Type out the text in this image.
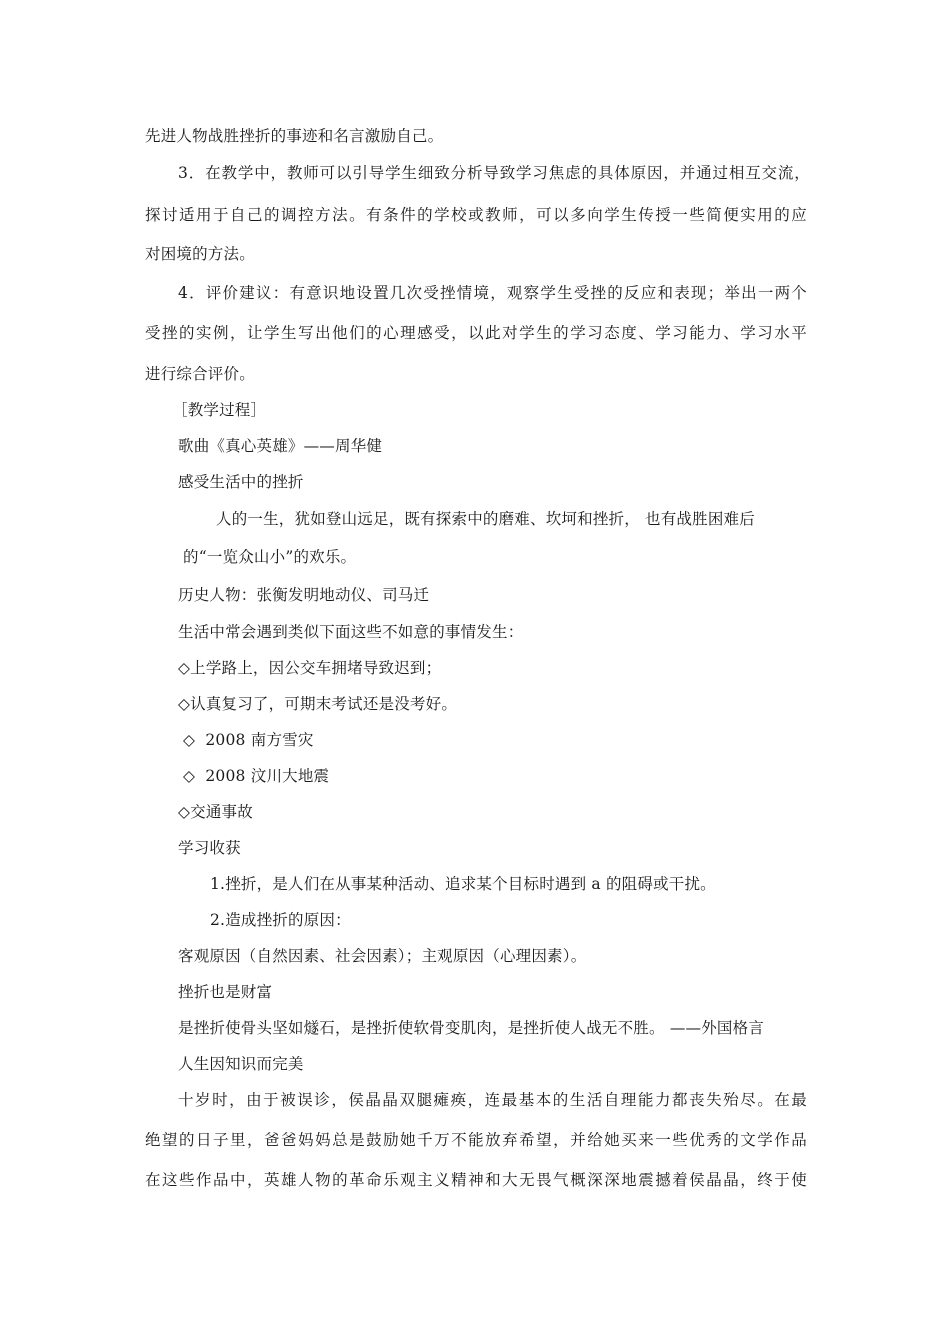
先进人物战胜挫折的事迹和名言激励自己。
3．在教学中，教师可以引导学生细致分析导致学习焦虑的具体原因，并通过相互交流，
探讨适用于自己的调控方法。有条件的学校或教师，可以多向学生传授一些简便实用的应
对困境的方法。
4．评价建议：有意识地设置几次受挫情境，观察学生受挫的反应和表现；举出一两个
受挫的实例，让学生写出他们的心理感受，以此对学生的学习态度、学习能力、学习水平
进行综合评价。
［教学过程］
歌曲《真心英雄》——周华健
感受生活中的挫折
人的一生，犹如登山远足，既有探索中的磨难、坎坷和挫折， 也有战胜困难后
的“一览众山小”的欢乐。
历史人物：张衡发明地动仪、司马迁
生活中常会遇到类似下面这些不如意的事情发生：
◇上学路上，因公交车拥堵导致迟到；
◇认真复习了，可期末考试还是没考好。
◇  2008 南方雪灾
◇  2008 汶川大地震
◇交通事故
学习收获
1.挫折，是人们在从事某种活动、追求某个目标时遇到 a 的阻碍或干扰。
2.造成挫折的原因：
客观原因（自然因素、社会因素）；主观原因（心理因素）。
挫折也是财富
是挫折使骨头坚如燧石，是挫折使软骨变肌肉，是挫折使人战无不胜。 ——外国格言
人生因知识而完美
十岁时，由于被误诊，侯晶晶双腿瘫痪，连最基本的生活自理能力都丧失殆尽。在最
绝望的日子里，爸爸妈妈总是鼓励她千万不能放弃希望，并给她买来一些优秀的文学作品
在这些作品中，英雄人物的革命乐观主义精神和大无畏气概深深地震撼着侯晶晶，终于使
